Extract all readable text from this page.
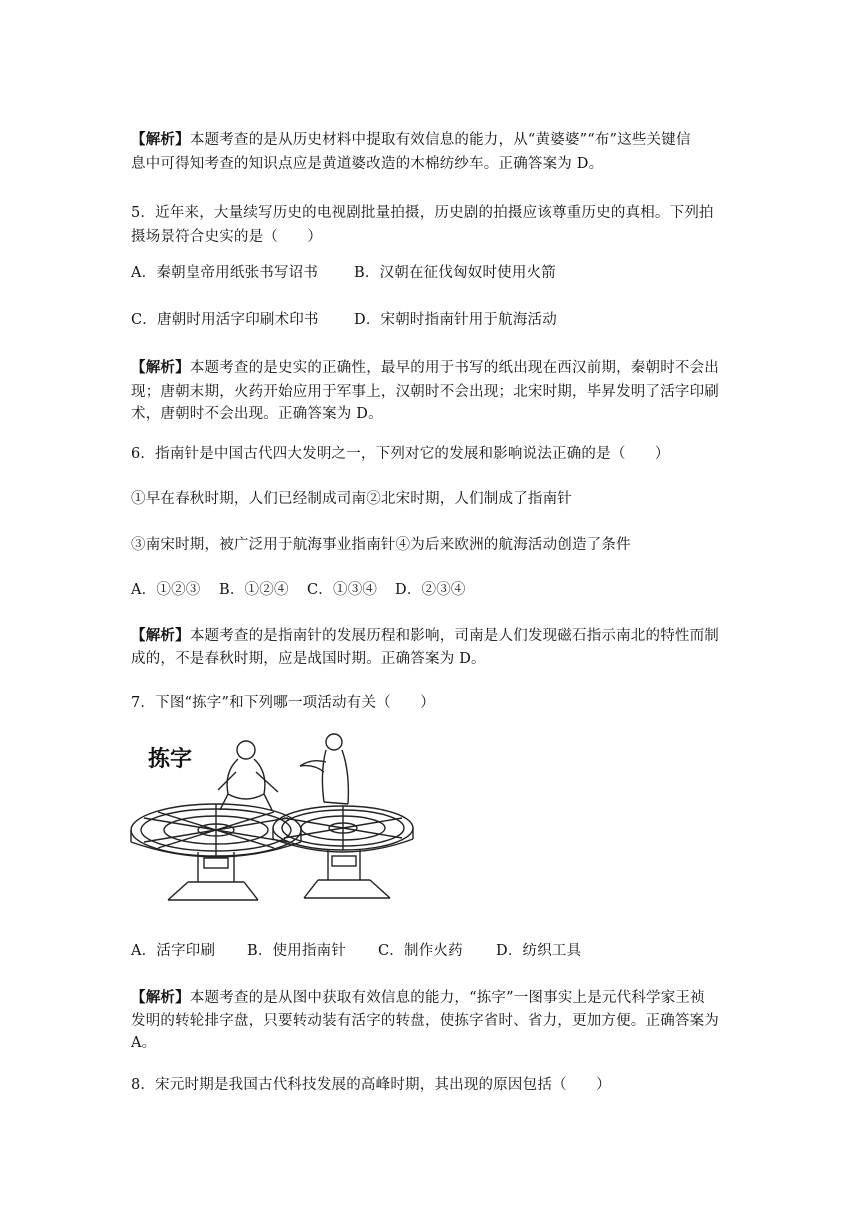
【解析】本题考查的是从历史材料中提取有效信息的能力，从“黄婆婆”“布”这些关键信
息中可得知考查的知识点应是黄道婆改造的木棉纺纱车。正确答案为 D。
5．近年来，大量续写历史的电视剧批量拍摄，历史剧的拍摄应该尊重历史的真相。下列拍
摄场景符合史实的是（　　）
A．秦朝皇帝用纸张书写诏书 B．汉朝在征伐匈奴时使用火箭
C．唐朝时用活字印刷术印书 D．宋朝时指南针用于航海活动
【解析】本题考查的是史实的正确性，最早的用于书写的纸出现在西汉前期，秦朝时不会出
现；唐朝末期，火药开始应用于军事上，汉朝时不会出现；北宋时期，毕昇发明了活字印刷
术，唐朝时不会出现。正确答案为 D。
6．指南针是中国古代四大发明之一，下列对它的发展和影响说法正确的是（　　）
①早在春秋时期，人们已经制成司南②北宋时期，人们制成了指南针
③南宋时期，被广泛用于航海事业指南针④为后来欧洲的航海活动创造了条件
A．①②③ B．①②④ C．①③④ D．②③④
【解析】本题考查的是指南针的发展历程和影响，司南是人们发现磁石指示南北的特性而制
成的，不是春秋时期，应是战国时期。正确答案为 D。
7．下图“拣字”和下列哪一项活动有关（　　）
拣字
A．活字印刷 B．使用指南针 C．制作火药 D．纺织工具
【解析】本题考查的是从图中获取有效信息的能力，“拣字”一图事实上是元代科学家王祯
发明的转轮排字盘，只要转动装有活字的转盘，使拣字省时、省力，更加方便。正确答案为
A。
8．宋元时期是我国古代科技发展的高峰时期，其出现的原因包括（　　）
